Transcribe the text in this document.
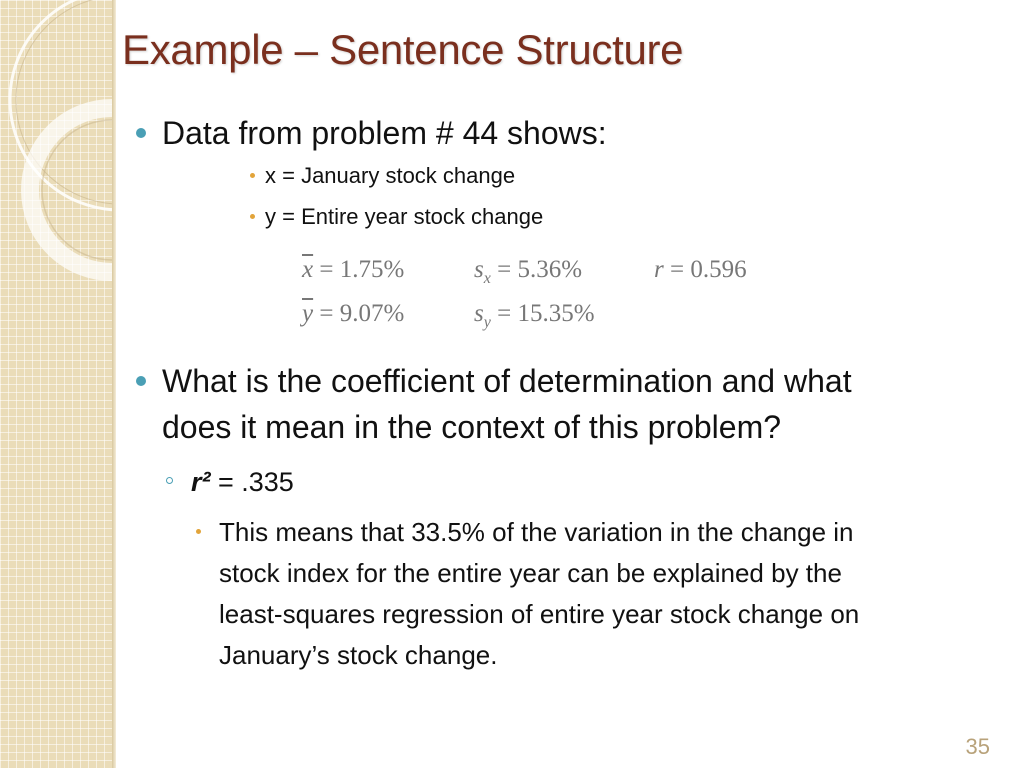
Example – Sentence Structure
Data from problem # 44 shows:
x = January stock change
y = Entire year stock change
$\overline{x} = 1.75\%$	$s_x = 5.36\%$	r = 0.596
$\overline{y} = 9.07\%$	$s_y = 15.35\%$
What is the coefficient of determination and what
does it mean in the context of this problem?
r² = .335
This means that 33.5% of the variation in the change in
stock index for the entire year can be explained by the
least-squares regression of entire year stock change on
January’s stock change.
35
